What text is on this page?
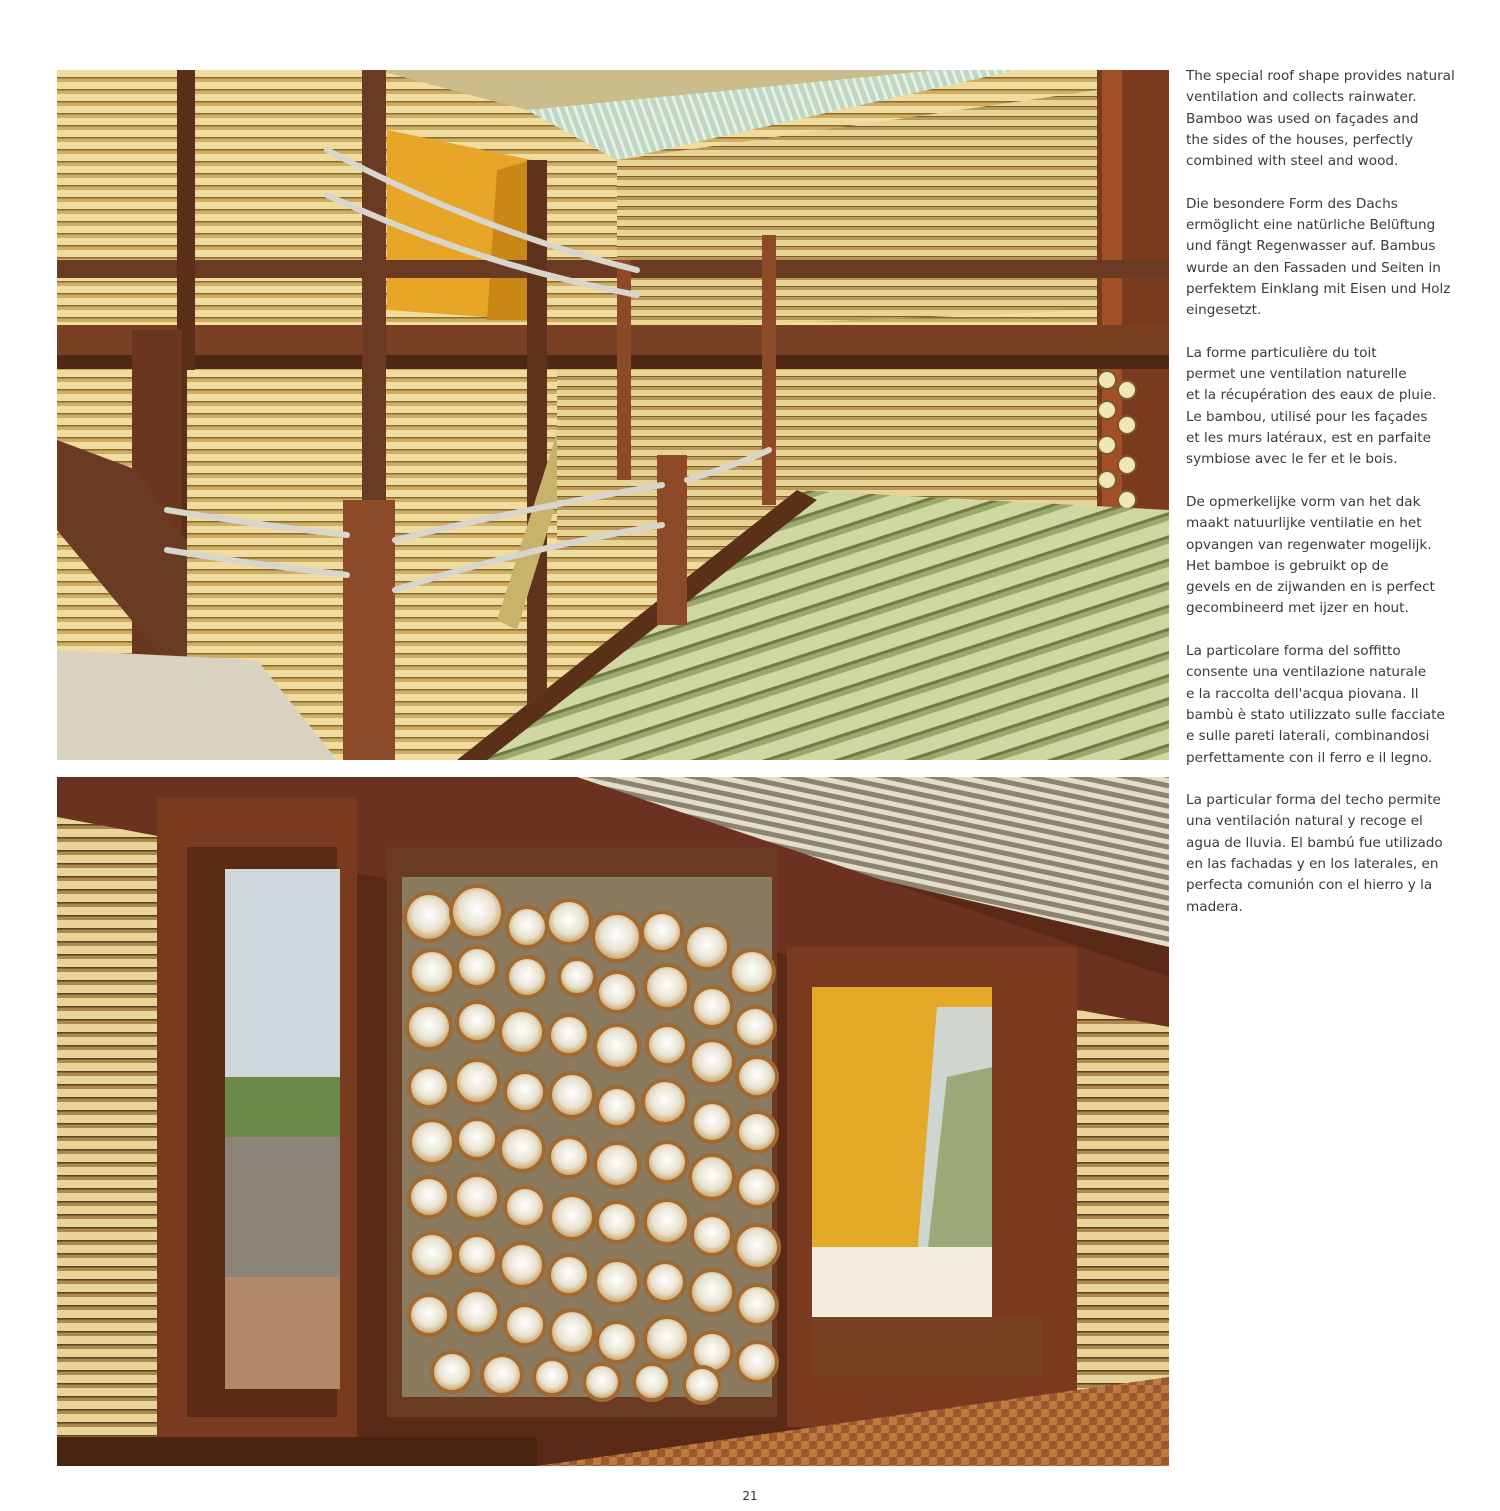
The special roof shape provides natural
ventilation and collects rainwater.
Bamboo was used on façades and
the sides of the houses, perfectly
combined with steel and wood.

Die besondere Form des Dachs
ermöglicht eine natürliche Belüftung
und fängt Regenwasser auf. Bambus
wurde an den Fassaden und Seiten in
perfektem Einklang mit Eisen und Holz
eingesetzt.

La forme particulière du toit
permet une ventilation naturelle
et la récupération des eaux de pluie.
Le bambou, utilisé pour les façades
et les murs latéraux, est en parfaite
symbiose avec le fer et le bois.

De opmerkelijke vorm van het dak
maakt natuurlijke ventilatie en het
opvangen van regenwater mogelijk.
Het bamboe is gebruikt op de
gevels en de zijwanden en is perfect
gecombineerd met ijzer en hout.

La particolare forma del soffitto
consente una ventilazione naturale
e la raccolta dell'acqua piovana. Il
bambù è stato utilizzato sulle facciate
e sulle pareti laterali, combinandosi
perfettamente con il ferro e il legno.

La particular forma del techo permite
una ventilación natural y recoge el
agua de lluvia. El bambú fue utilizado
en las fachadas y en los laterales, en
perfecta comunión con el hierro y la
madera.

21
